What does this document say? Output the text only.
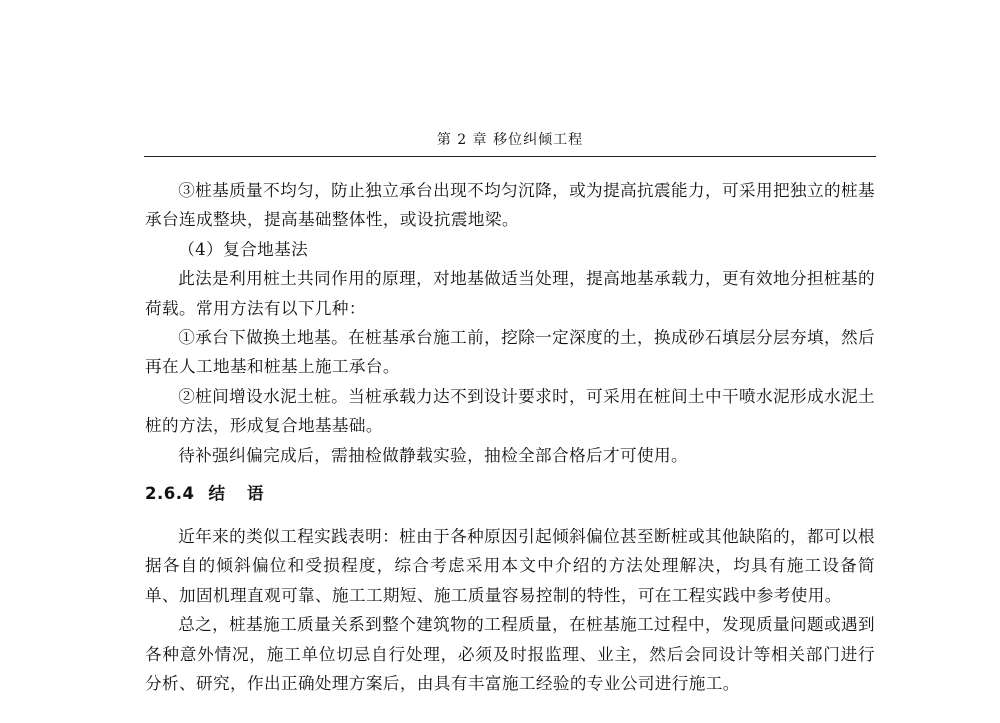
第 2 章 移位纠倾工程

③桩基质量不均匀，防止独立承台出现不均匀沉降，或为提高抗震能力，可采用把独立的桩基承台连成整块，提高基础整体性，或设抗震地梁。

（4）复合地基法

此法是利用桩土共同作用的原理，对地基做适当处理，提高地基承载力，更有效地分担桩基的荷载。常用方法有以下几种：

①承台下做换土地基。在桩基承台施工前，挖除一定深度的土，换成砂石填层分层夯填，然后再在人工地基和桩基上施工承台。

②桩间增设水泥土桩。当桩承载力达不到设计要求时，可采用在桩间土中干喷水泥形成水泥土桩的方法，形成复合地基基础。

待补强纠偏完成后，需抽检做静载实验，抽检全部合格后才可使用。

2.6.4 结语

近年来的类似工程实践表明：桩由于各种原因引起倾斜偏位甚至断桩或其他缺陷的，都可以根据各自的倾斜偏位和受损程度，综合考虑采用本文中介绍的方法处理解决，均具有施工设备简单、加固机理直观可靠、施工工期短、施工质量容易控制的特性，可在工程实践中参考使用。

总之，桩基施工质量关系到整个建筑物的工程质量，在桩基施工过程中，发现质量问题或遇到各种意外情况，施工单位切忌自行处理，必须及时报监理、业主，然后会同设计等相关部门进行分析、研究，作出正确处理方案后，由具有丰富施工经验的专业公司进行施工。
